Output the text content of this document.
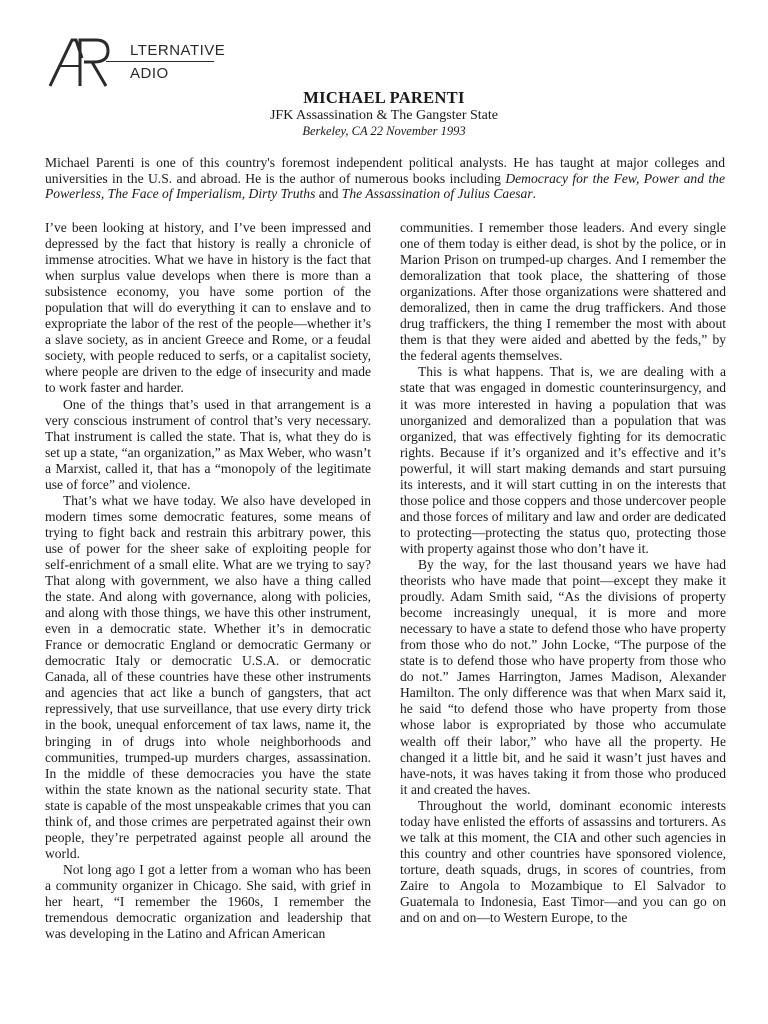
LTERNATIVE
ADIO
MICHAEL PARENTI
JFK Assassination & The Gangster State
Berkeley, CA 22 November 1993
Michael Parenti is one of this country's foremost independent political analysts. He has taught at major colleges and universities in the U.S. and abroad. He is the author of numerous books including Democracy for the Few, Power and the Powerless, The Face of Imperialism, Dirty Truths and The Assassination of Julius Caesar.

I’ve been looking at history, and I’ve been impressed and depressed by the fact that history is really a chronicle of immense atrocities. What we have in history is the fact that when surplus value develops when there is more than a subsistence economy, you have some portion of the population that will do everything it can to enslave and to expropriate the labor of the rest of the people—whether it’s a slave society, as in ancient Greece and Rome, or a feudal society, with people reduced to serfs, or a capitalist society, where people are driven to the edge of insecurity and made to work faster and harder.

One of the things that’s used in that arrangement is a very conscious instrument of control that’s very necessary. That instrument is called the state. That is, what they do is set up a state, “an organization,” as Max Weber, who wasn’t a Marxist, called it, that has a “monopoly of the legitimate use of force” and violence.

That’s what we have today. We also have developed in modern times some democratic features, some means of trying to fight back and restrain this arbitrary power, this use of power for the sheer sake of exploiting people for self-enrichment of a small elite. What are we trying to say? That along with government, we also have a thing called the state. And along with governance, along with policies, and along with those things, we have this other instrument, even in a democratic state. Whether it’s in democratic France or democratic England or democratic Germany or democratic Italy or democratic U.S.A. or democratic Canada, all of these countries have these other instruments and agencies that act like a bunch of gangsters, that act repressively, that use surveillance, that use every dirty trick in the book, unequal enforcement of tax laws, name it, the bringing in of drugs into whole neighborhoods and communities, trumped-up murders charges, assassination. In the middle of these democracies you have the state within the state known as the national security state. That state is capable of the most unspeakable crimes that you can think of, and those crimes are perpetrated against their own people, they’re perpetrated against people all around the world.

Not long ago I got a letter from a woman who has been a community organizer in Chicago. She said, with grief in her heart, “I remember the 1960s, I remember the tremendous democratic organization and leadership that was developing in the Latino and African American

communities. I remember those leaders. And every single one of them today is either dead, is shot by the police, or in Marion Prison on trumped-up charges. And I remember the demoralization that took place, the shattering of those organizations. After those organizations were shattered and demoralized, then in came the drug traffickers. And those drug traffickers, the thing I remember the most with about them is that they were aided and abetted by the feds,” by the federal agents themselves.

This is what happens. That is, we are dealing with a state that was engaged in domestic counterinsurgency, and it was more interested in having a population that was unorganized and demoralized than a population that was organized, that was effectively fighting for its democratic rights. Because if it’s organized and it’s effective and it’s powerful, it will start making demands and start pursuing its interests, and it will start cutting in on the interests that those police and those coppers and those undercover people and those forces of military and law and order are dedicated to protecting—protecting the status quo, protecting those with property against those who don’t have it.

By the way, for the last thousand years we have had theorists who have made that point—except they make it proudly. Adam Smith said, “As the divisions of property become increasingly unequal, it is more and more necessary to have a state to defend those who have property from those who do not.” John Locke, “The purpose of the state is to defend those who have property from those who do not.” James Harrington, James Madison, Alexander Hamilton. The only difference was that when Marx said it, he said “to defend those who have property from those whose labor is expropriated by those who accumulate wealth off their labor,” who have all the property. He changed it a little bit, and he said it wasn’t just haves and have-nots, it was haves taking it from those who produced it and created the haves.

Throughout the world, dominant economic interests today have enlisted the efforts of assassins and torturers. As we talk at this moment, the CIA and other such agencies in this country and other countries have sponsored violence, torture, death squads, drugs, in scores of countries, from Zaire to Angola to Mozambique to El Salvador to Guatemala to Indonesia, East Timor—and you can go on and on and on—to Western Europe, to the
